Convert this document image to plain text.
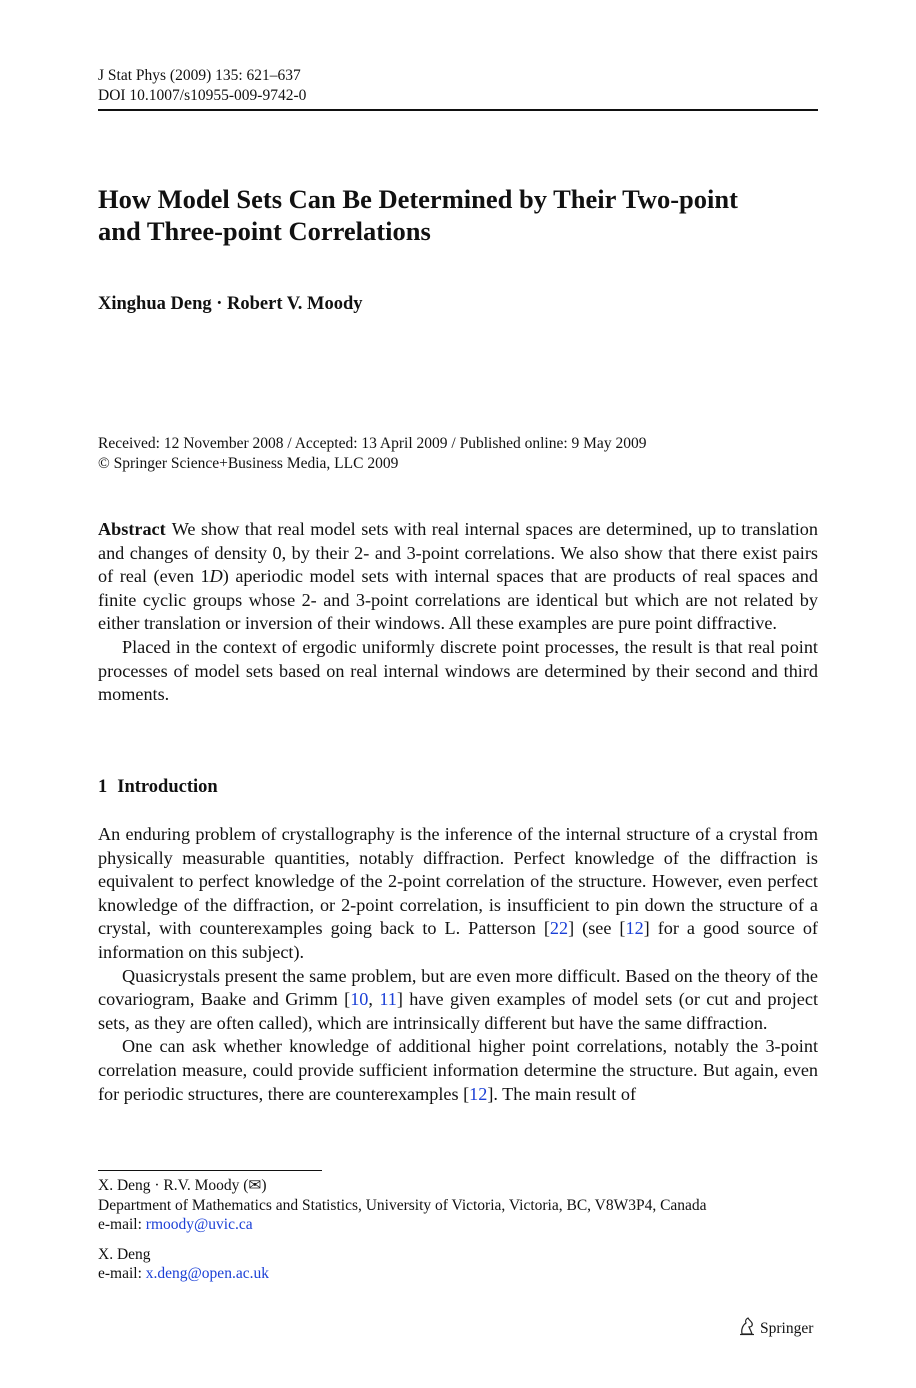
J Stat Phys (2009) 135: 621–637
DOI 10.1007/s10955-009-9742-0
How Model Sets Can Be Determined by Their Two-point
and Three-point Correlations
Xinghua Deng · Robert V. Moody
Received: 12 November 2008 / Accepted: 13 April 2009 / Published online: 9 May 2009
© Springer Science+Business Media, LLC 2009

Abstract We show that real model sets with real internal spaces are determined, up to translation and changes of density 0, by their 2- and 3-point correlations. We also show that there exist pairs of real (even 1D) aperiodic model sets with internal spaces that are products of real spaces and finite cyclic groups whose 2- and 3-point correlations are identical but which are not related by either translation or inversion of their windows. All these examples are pure point diffractive.

Placed in the context of ergodic uniformly discrete point processes, the result is that real point processes of model sets based on real internal windows are determined by their second and third moments.

1 Introduction

An enduring problem of crystallography is the inference of the internal structure of a crystal from physically measurable quantities, notably diffraction. Perfect knowledge of the diffraction is equivalent to perfect knowledge of the 2-point correlation of the structure. However, even perfect knowledge of the diffraction, or 2-point correlation, is insufficient to pin down the structure of a crystal, with counterexamples going back to L. Patterson [22] (see [12] for a good source of information on this subject).

Quasicrystals present the same problem, but are even more difficult. Based on the theory of the covariogram, Baake and Grimm [10, 11] have given examples of model sets (or cut and project sets, as they are often called), which are intrinsically different but have the same diffraction.

One can ask whether knowledge of additional higher point correlations, notably the 3-point correlation measure, could provide sufficient information determine the structure. But again, even for periodic structures, there are counterexamples [12]. The main result of

X. Deng · R.V. Moody (✉)
Department of Mathematics and Statistics, University of Victoria, Victoria, BC, V8W3P4, Canada
e-mail: rmoody@uvic.ca
X. Deng
e-mail: x.deng@open.ac.uk
Springer
